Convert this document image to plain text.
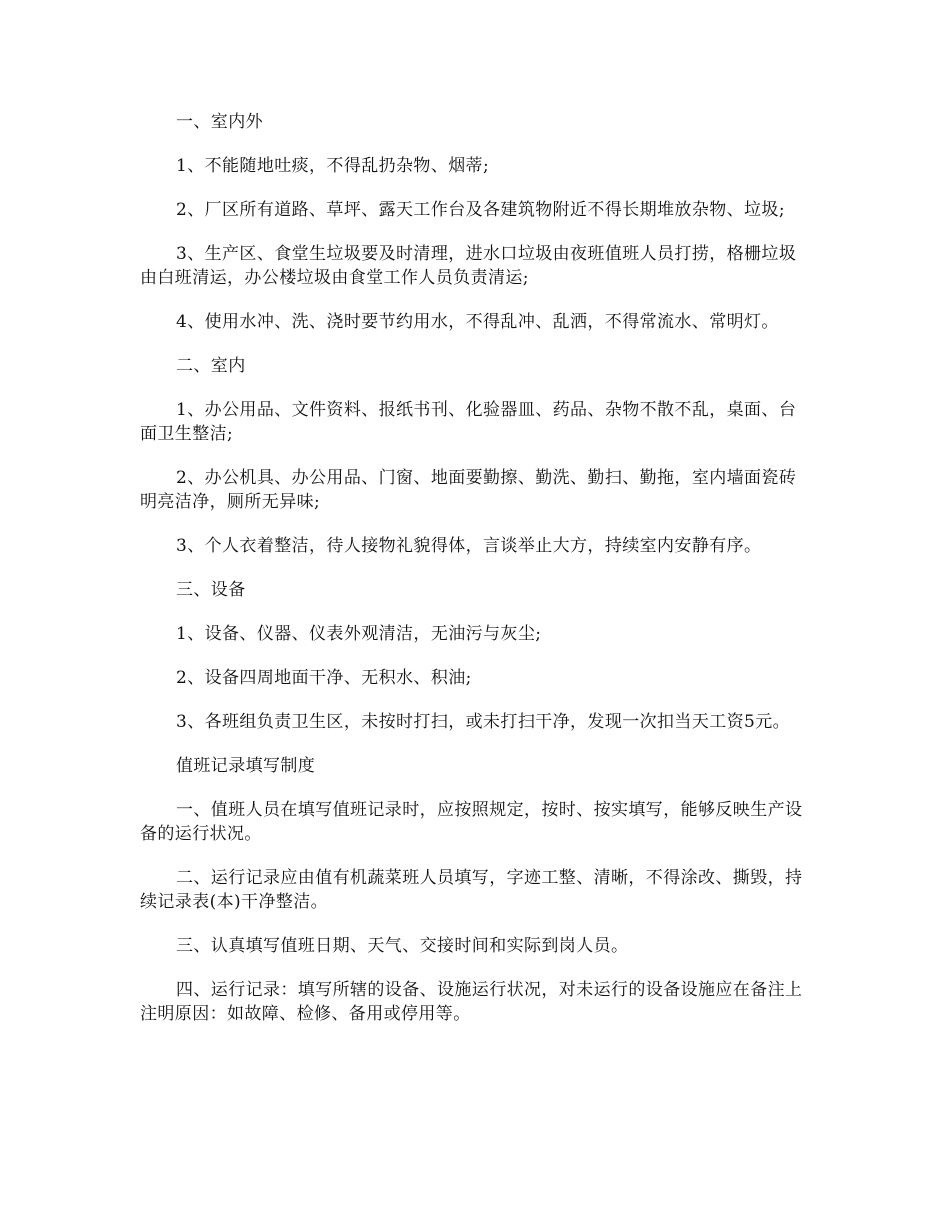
一、室内外

1、不能随地吐痰，不得乱扔杂物、烟蒂;

2、厂区所有道路、草坪、露天工作台及各建筑物附近不得长期堆放杂物、垃圾;

3、生产区、食堂生垃圾要及时清理，进水口垃圾由夜班值班人员打捞，格栅垃圾由白班清运，办公楼垃圾由食堂工作人员负责清运;

4、使用水冲、洗、浇时要节约用水，不得乱冲、乱洒，不得常流水、常明灯。

二、室内

1、办公用品、文件资料、报纸书刊、化验器皿、药品、杂物不散不乱，桌面、台面卫生整洁;

2、办公机具、办公用品、门窗、地面要勤擦、勤洗、勤扫、勤拖，室内墙面瓷砖明亮洁净，厕所无异味;

3、个人衣着整洁，待人接物礼貌得体，言谈举止大方，持续室内安静有序。

三、设备

1、设备、仪器、仪表外观清洁，无油污与灰尘;

2、设备四周地面干净、无积水、积油;

3、各班组负责卫生区，未按时打扫，或未打扫干净，发现一次扣当天工资5元。

值班记录填写制度

一、值班人员在填写值班记录时，应按照规定，按时、按实填写，能够反映生产设备的运行状况。

二、运行记录应由值有机蔬菜班人员填写，字迹工整、清晰，不得涂改、撕毁，持续记录表(本)干净整洁。

三、认真填写值班日期、天气、交接时间和实际到岗人员。

四、运行记录：填写所辖的设备、设施运行状况，对未运行的设备设施应在备注上注明原因：如故障、检修、备用或停用等。
